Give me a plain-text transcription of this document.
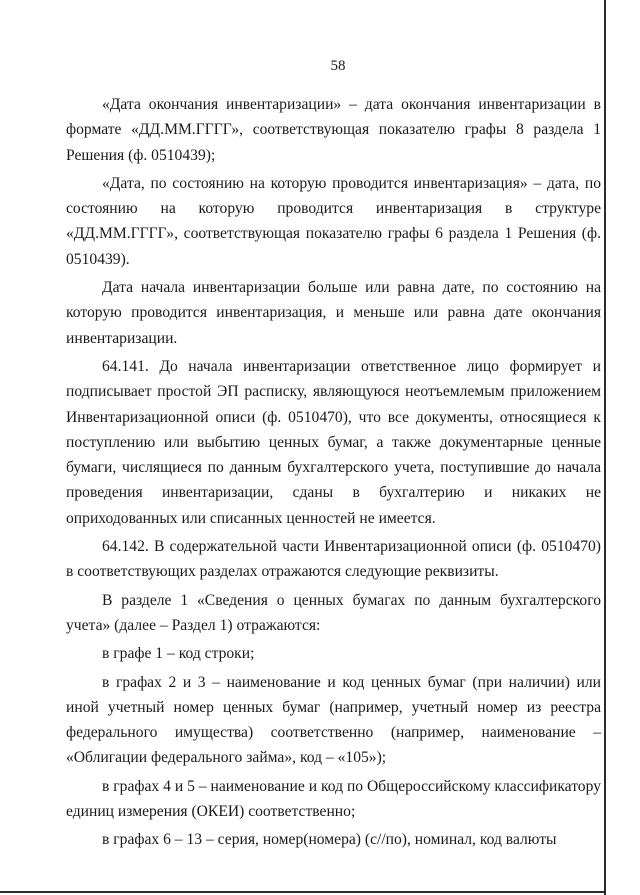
58

«Дата окончания инвентаризации» – дата окончания инвентаризации в формате «ДД.ММ.ГГГГ», соответствующая показателю графы 8 раздела 1 Решения (ф. 0510439);

«Дата, по состоянию на которую проводится инвентаризация» – дата, по состоянию на которую проводится инвентаризация в структуре «ДД.ММ.ГГГГ», соответствующая показателю графы 6 раздела 1 Решения (ф. 0510439).

Дата начала инвентаризации больше или равна дате, по состоянию на которую проводится инвентаризация, и меньше или равна дате окончания инвентаризации.

64.141. До начала инвентаризации ответственное лицо формирует и подписывает простой ЭП расписку, являющуюся неотъемлемым приложением Инвентаризационной описи (ф. 0510470), что все документы, относящиеся к поступлению или выбытию ценных бумаг, а также документарные ценные бумаги, числящиеся по данным бухгалтерского учета, поступившие до начала проведения инвентаризации, сданы в бухгалтерию и никаких не оприходованных или списанных ценностей не имеется.

64.142. В содержательной части Инвентаризационной описи (ф. 0510470) в соответствующих разделах отражаются следующие реквизиты.

В разделе 1 «Сведения о ценных бумагах по данным бухгалтерского учета» (далее – Раздел 1) отражаются:

в графе 1 – код строки;

в графах 2 и 3 – наименование и код ценных бумаг (при наличии) или иной учетный номер ценных бумаг (например, учетный номер из реестра федерального имущества) соответственно (например, наименование – «Облигации федерального займа», код – «105»);

в графах 4 и 5 – наименование и код по Общероссийскому классификатору единиц измерения (ОКЕИ) соответственно;

в графах 6 – 13 – серия, номер(номера) (с//по), номинал, код валюты
